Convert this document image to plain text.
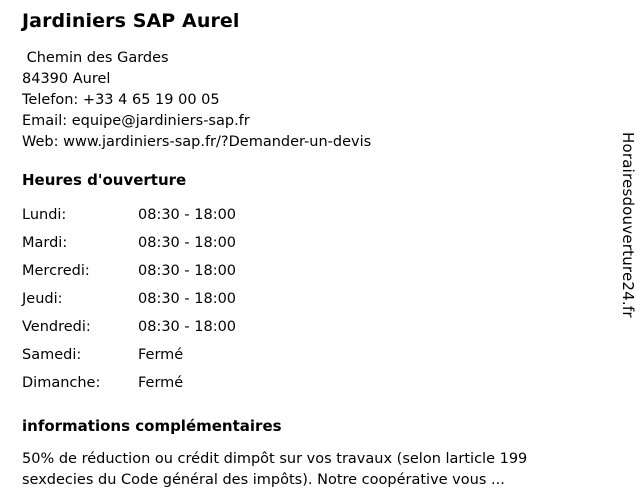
Jardiniers SAP Aurel
Chemin des Gardes
84390 Aurel
Telefon: +33 4 65 19 00 05
Email: equipe@jardiniers-sap.fr
Web: www.jardiniers-sap.fr/?Demander-un-devis
Heures d'ouverture
Lundi:	08:30 - 18:00
Mardi:	08:30 - 18:00
Mercredi:	08:30 - 18:00
Jeudi:	08:30 - 18:00
Vendredi:	08:30 - 18:00
Samedi:	Fermé
Dimanche:	Fermé
informations complémentaires
50% de réduction ou crédit dimpôt sur vos travaux (selon larticle 199 sexdecies du Code général des impôts). Notre coopérative vous ...
Horairesdouverture24.fr
